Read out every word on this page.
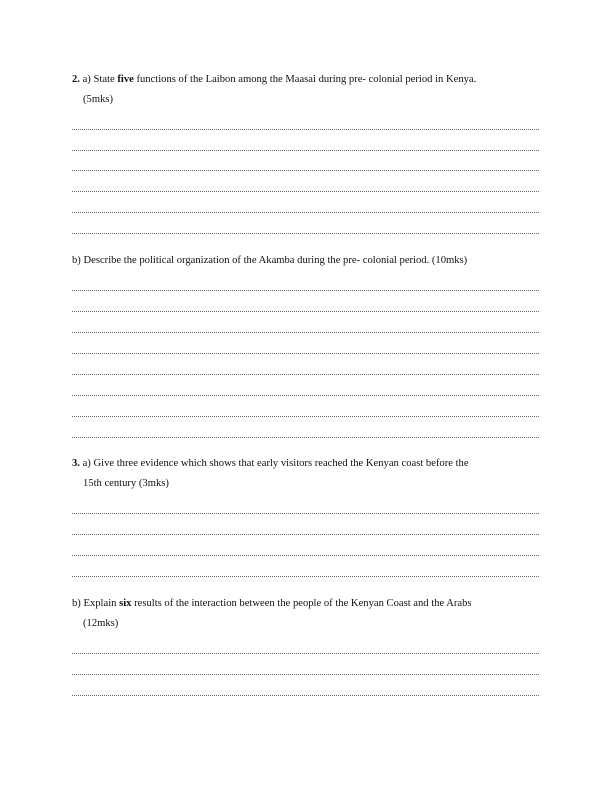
2. a) State five functions of the Laibon among the Maasai during pre- colonial period in Kenya.
(5mks)
b) Describe the political organization of the Akamba during the pre- colonial period. (10mks)
3. a) Give three evidence which shows that early visitors reached the Kenyan coast before the
15th century (3mks)
b) Explain six results of the interaction between the people of the Kenyan Coast and the Arabs
(12mks)
